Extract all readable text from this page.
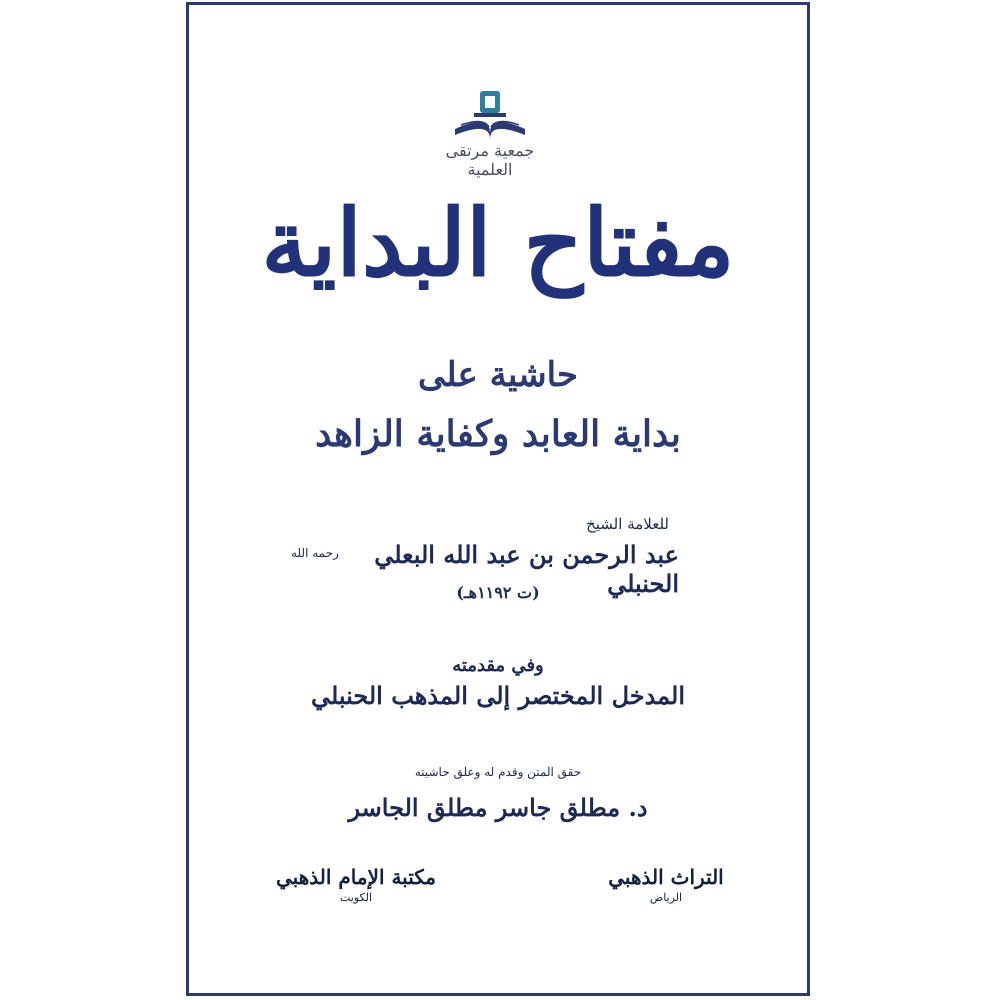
جمعية مرتقى العلمية
مفتاح البداية
حاشية على
بداية العابد وكفاية الزاهد
للعلامة الشيخ
عبد الرحمن بن عبد الله البعلي الحنبلي
رحمه الله
(ت ١١٩٢هـ)
وفي مقدمته
المدخل المختصر إلى المذهب الحنبلي
حقق المتن وقدم له وعلق حاشيته
د. مطلق جاسر مطلق الجاسر
مكتبة الإمام الذهبي
الكويت
التراث الذهبي
الرياض
